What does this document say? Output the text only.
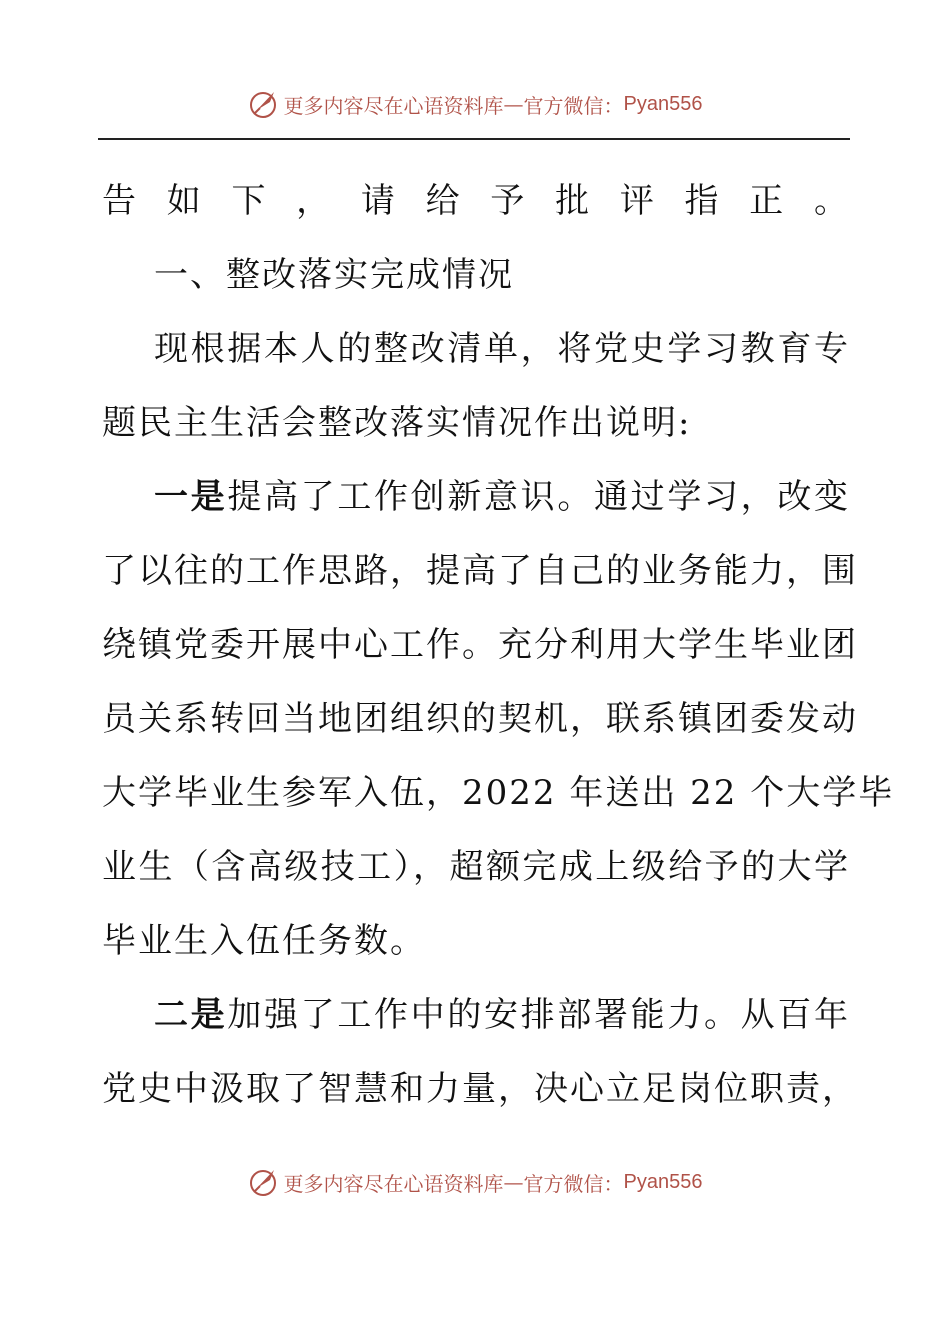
更多内容尽在心语资料库 — 官方微信： Pyan556
告如下，请给予批评指正。
一、整改落实完成情况
现根据本人的整改清单，将党史学习教育专
题民主生活会整改落实情况作出说明:
一是提高了工作创新意识。通过学习，改变
了以往的工作思路，提高了自己的业务能力，围
绕镇党委开展中心工作。充分利用大学生毕业团
员关系转回当地团组织的契机，联系镇团委发动
大学毕业生参军入伍，2022 年送出 22 个大学毕
业生（含高级技工），超额完成上级给予的大学
毕业生入伍任务数。
二是加强了工作中的安排部署能力。从百年
党史中汲取了智慧和力量，决心立足岗位职责，
更多内容尽在心语资料库 — 官方微信： Pyan556
